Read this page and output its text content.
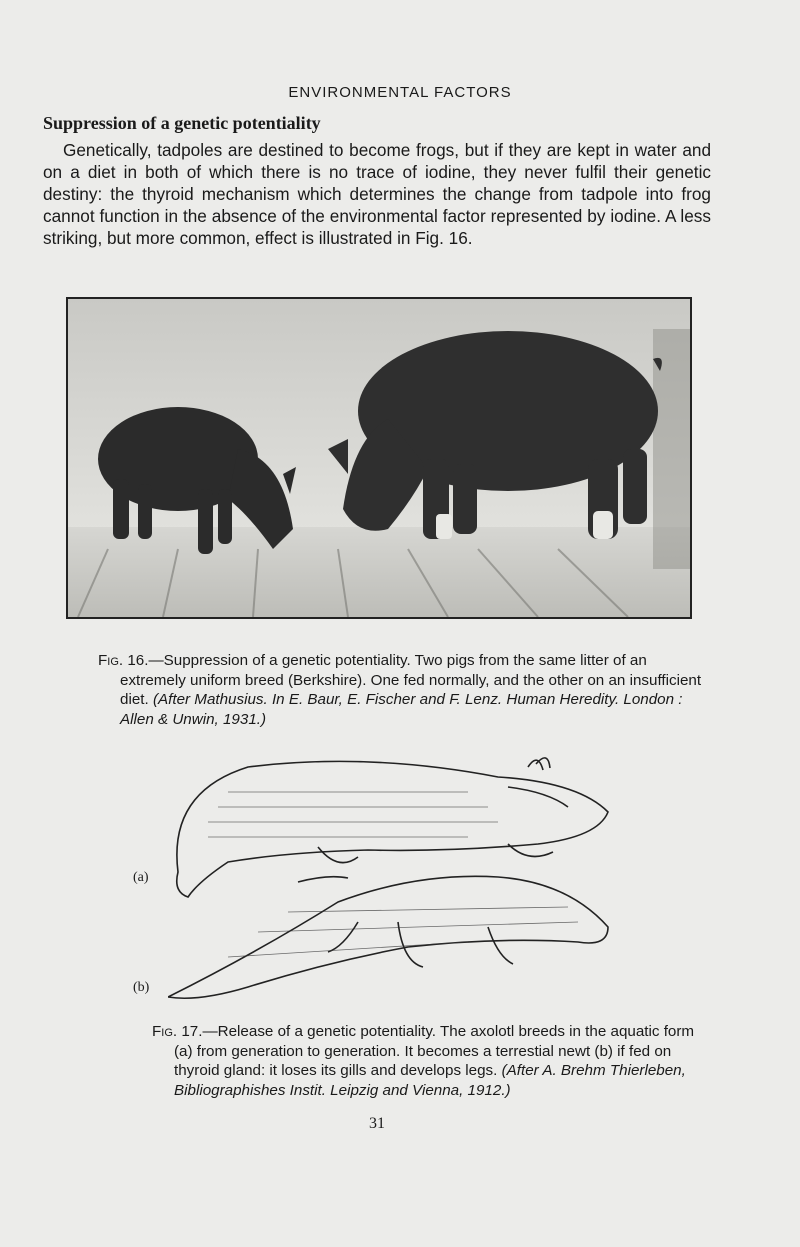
ENVIRONMENTAL FACTORS
Suppression of a genetic potentiality

Genetically, tadpoles are destined to become frogs, but if they are kept in water and on a diet in both of which there is no trace of iodine, they never fulfil their genetic destiny: the thyroid mechanism which determines the change from tadpole into frog cannot function in the absence of the environmental factor represented by iodine. A less striking, but more common, effect is illustrated in Fig. 16.

Fig. 16.—Suppression of a genetic potentiality. Two pigs from the same litter of an extremely uniform breed (Berkshire). One fed normally, and the other on an insufficient diet. (After Mathusius. In E. Baur, E. Fischer and F. Lenz. Human Heredity. London : Allen & Unwin, 1931.)

(a)
(b)

Fig. 17.—Release of a genetic potentiality. The axolotl breeds in the aquatic form (a) from generation to generation. It becomes a terrestial newt (b) if fed on thyroid gland: it loses its gills and develops legs. (After A. Brehm Thierleben, Bibliographishes Instit. Leipzig and Vienna, 1912.)

31
